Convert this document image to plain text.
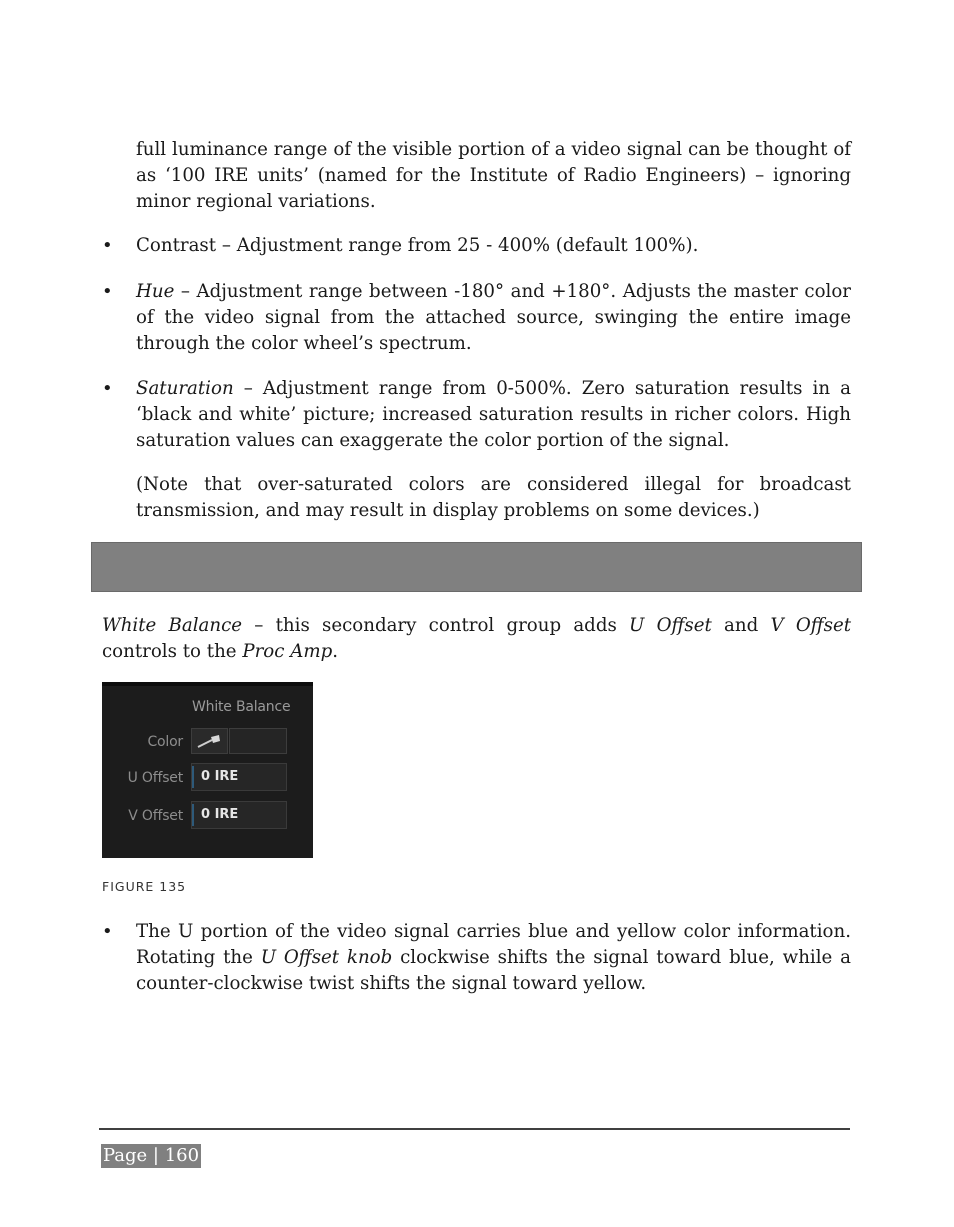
full luminance range of the visible portion of a video signal can be thought of as ‘100 IRE units’ (named for the Institute of Radio Engineers) – ignoring minor regional variations.

• Contrast – Adjustment range from 25 - 400% (default 100%).

• Hue – Adjustment range between -180° and +180°. Adjusts the master color of the video signal from the attached source, swinging the entire image through the color wheel’s spectrum.

• Saturation – Adjustment range from 0-500%. Zero saturation results in a ‘black and white’ picture; increased saturation results in richer colors. High saturation values can exaggerate the color portion of the signal.

(Note that over-saturated colors are considered illegal for broadcast transmission, and may result in display problems on some devices.)

White Balance – this secondary control group adds U Offset and V Offset controls to the Proc Amp.

White Balance
Color
U Offset	0 IRE
V Offset	0 IRE
FIGURE 135
• The U portion of the video signal carries blue and yellow color information. Rotating the U Offset knob clockwise shifts the signal toward blue, while a counter-clockwise twist shifts the signal toward yellow.

Page | 160
